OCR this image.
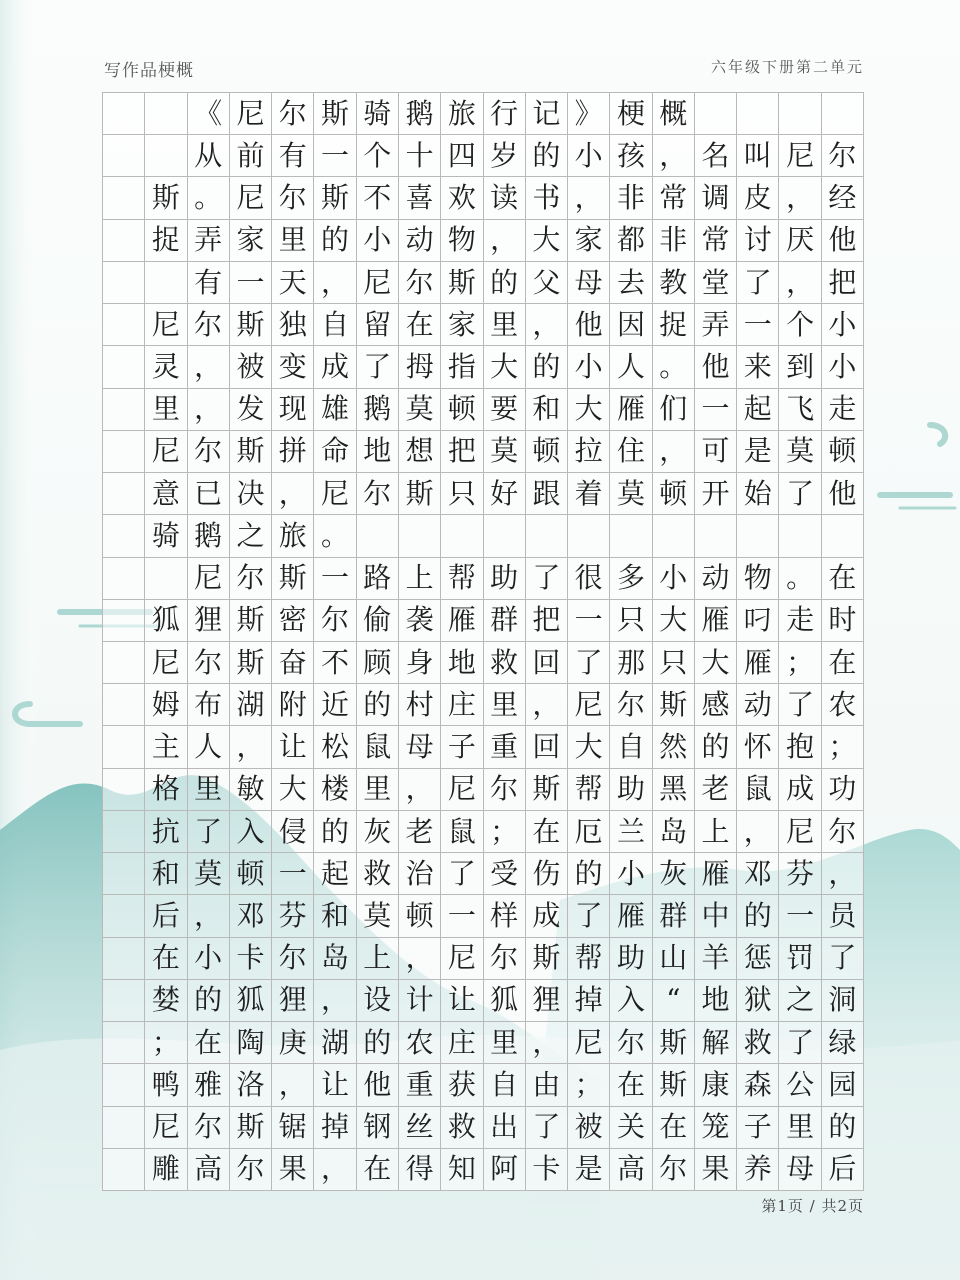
写作品梗概	六年级下册第二单元
《 尼 尔 斯 骑 鹅 旅 行 记 》 梗 概
从 前 有 一 个 十 四 岁 的 小 孩 ， 名 叫 尼 尔
斯 。 尼 尔 斯 不 喜 欢 读 书 ， 非 常 调 皮 ， 经
捉 弄 家 里 的 小 动 物 ， 大 家 都 非 常 讨 厌 他
有 一 天 ， 尼 尔 斯 的 父 母 去 教 堂 了 ， 把
尼 尔 斯 独 自 留 在 家 里 ， 他 因 捉 弄 一 个 小
灵 ， 被 变 成 了 拇 指 大 的 小 人 。 他 来 到 小
里 ， 发 现 雄 鹅 莫 顿 要 和 大 雁 们 一 起 飞 走
尼 尔 斯 拼 命 地 想 把 莫 顿 拉 住 ， 可 是 莫 顿
意 已 决 ， 尼 尔 斯 只 好 跟 着 莫 顿 开 始 了 他
骑 鹅 之 旅 。
尼 尔 斯 一 路 上 帮 助 了 很 多 小 动 物 。 在
狐 狸 斯 密 尔 偷 袭 雁 群 把 一 只 大 雁 叼 走 时
尼 尔 斯 奋 不 顾 身 地 救 回 了 那 只 大 雁 ； 在
姆 布 湖 附 近 的 村 庄 里 ， 尼 尔 斯 感 动 了 农
主 人 ， 让 松 鼠 母 子 重 回 大 自 然 的 怀 抱 ；
格 里 敏 大 楼 里 ， 尼 尔 斯 帮 助 黑 老 鼠 成 功
抗 了 入 侵 的 灰 老 鼠 ； 在 厄 兰 岛 上 ， 尼 尔
和 莫 顿 一 起 救 治 了 受 伤 的 小 灰 雁 邓 芬 ，
后 ， 邓 芬 和 莫 顿 一 样 成 了 雁 群 中 的 一 员
在 小 卡 尔 岛 上 ， 尼 尔 斯 帮 助 山 羊 惩 罚 了
婪 的 狐 狸 ， 设 计 让 狐 狸 掉 入 “ 地 狱 之 洞
； 在 陶 庚 湖 的 农 庄 里 ， 尼 尔 斯 解 救 了 绿
鸭 雅 洛 ， 让 他 重 获 自 由 ； 在 斯 康 森 公 园
尼 尔 斯 锯 掉 钢 丝 救 出 了 被 关 在 笼 子 里 的
雕 高 尔 果 ， 在 得 知 阿 卡 是 高 尔 果 养 母 后
第1页 / 共2页
